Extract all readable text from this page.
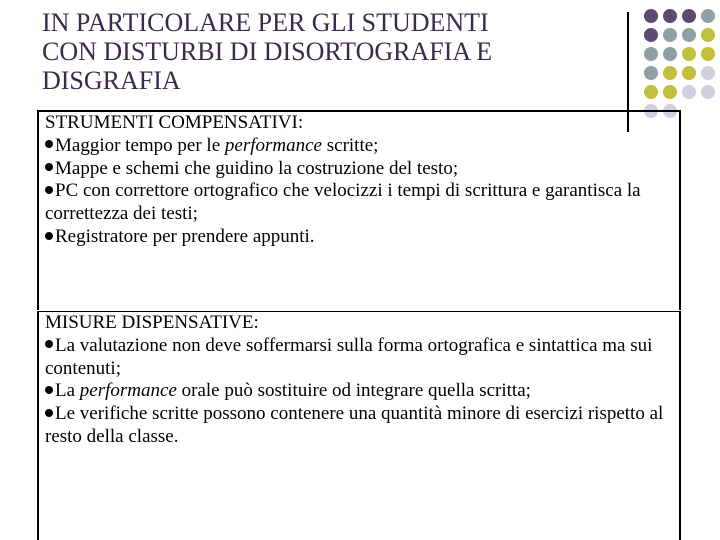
IN PARTICOLARE PER GLI STUDENTI
CON DISTURBI DI DISORTOGRAFIA E
DISGRAFIA
STRUMENTI COMPENSATIVI:
Maggior tempo per le performance scritte;
Mappe e schemi che guidino la costruzione del testo;
PC con correttore ortografico che velocizzi i tempi di scrittura e garantisca la correttezza dei testi;
Registratore per prendere appunti.
MISURE DISPENSATIVE:
La valutazione non deve soffermarsi sulla forma ortografica e sintattica ma sui contenuti;
La performance orale può sostituire od integrare quella scritta;
Le verifiche scritte possono contenere una quantità minore di esercizi rispetto al resto della classe.
